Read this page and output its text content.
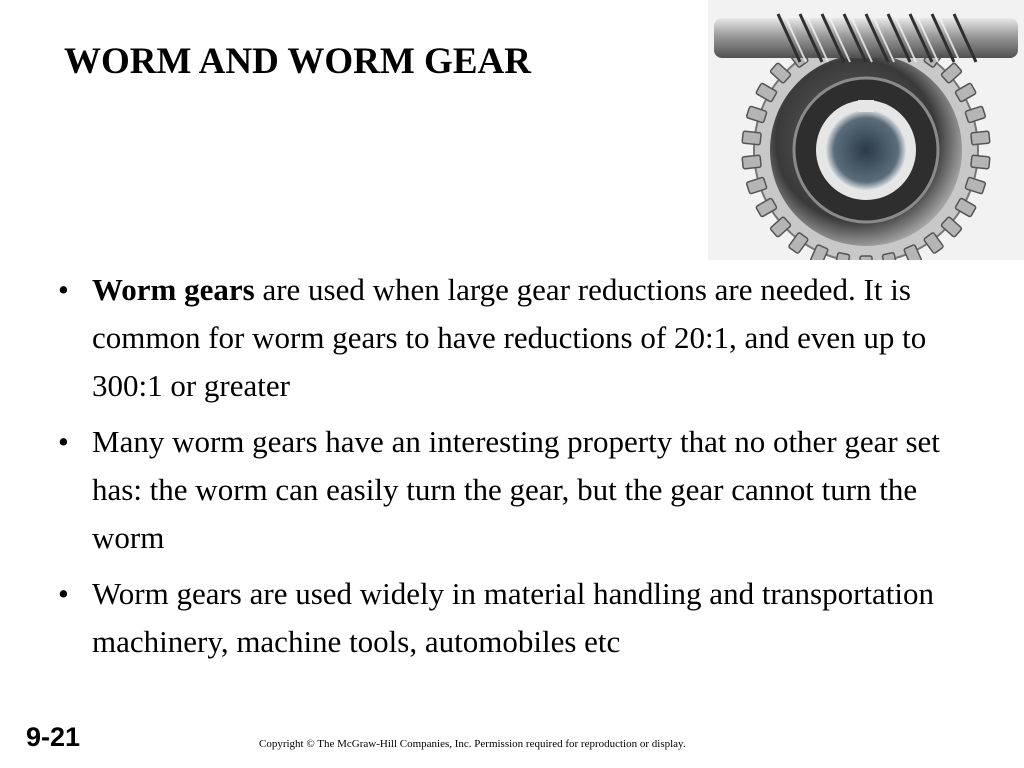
WORM AND WORM GEAR
• Worm gears are used when large gear reductions are needed. It is common for worm gears to have reductions of 20:1, and even up to 300:1 or greater
• Many worm gears have an interesting property that no other gear set has: the worm can easily turn the gear, but the gear cannot turn the worm
• Worm gears are used widely in material handling and transportation machinery, machine tools, automobiles etc
9-21	Copyright © The McGraw-Hill Companies, Inc. Permission required for reproduction or display.
